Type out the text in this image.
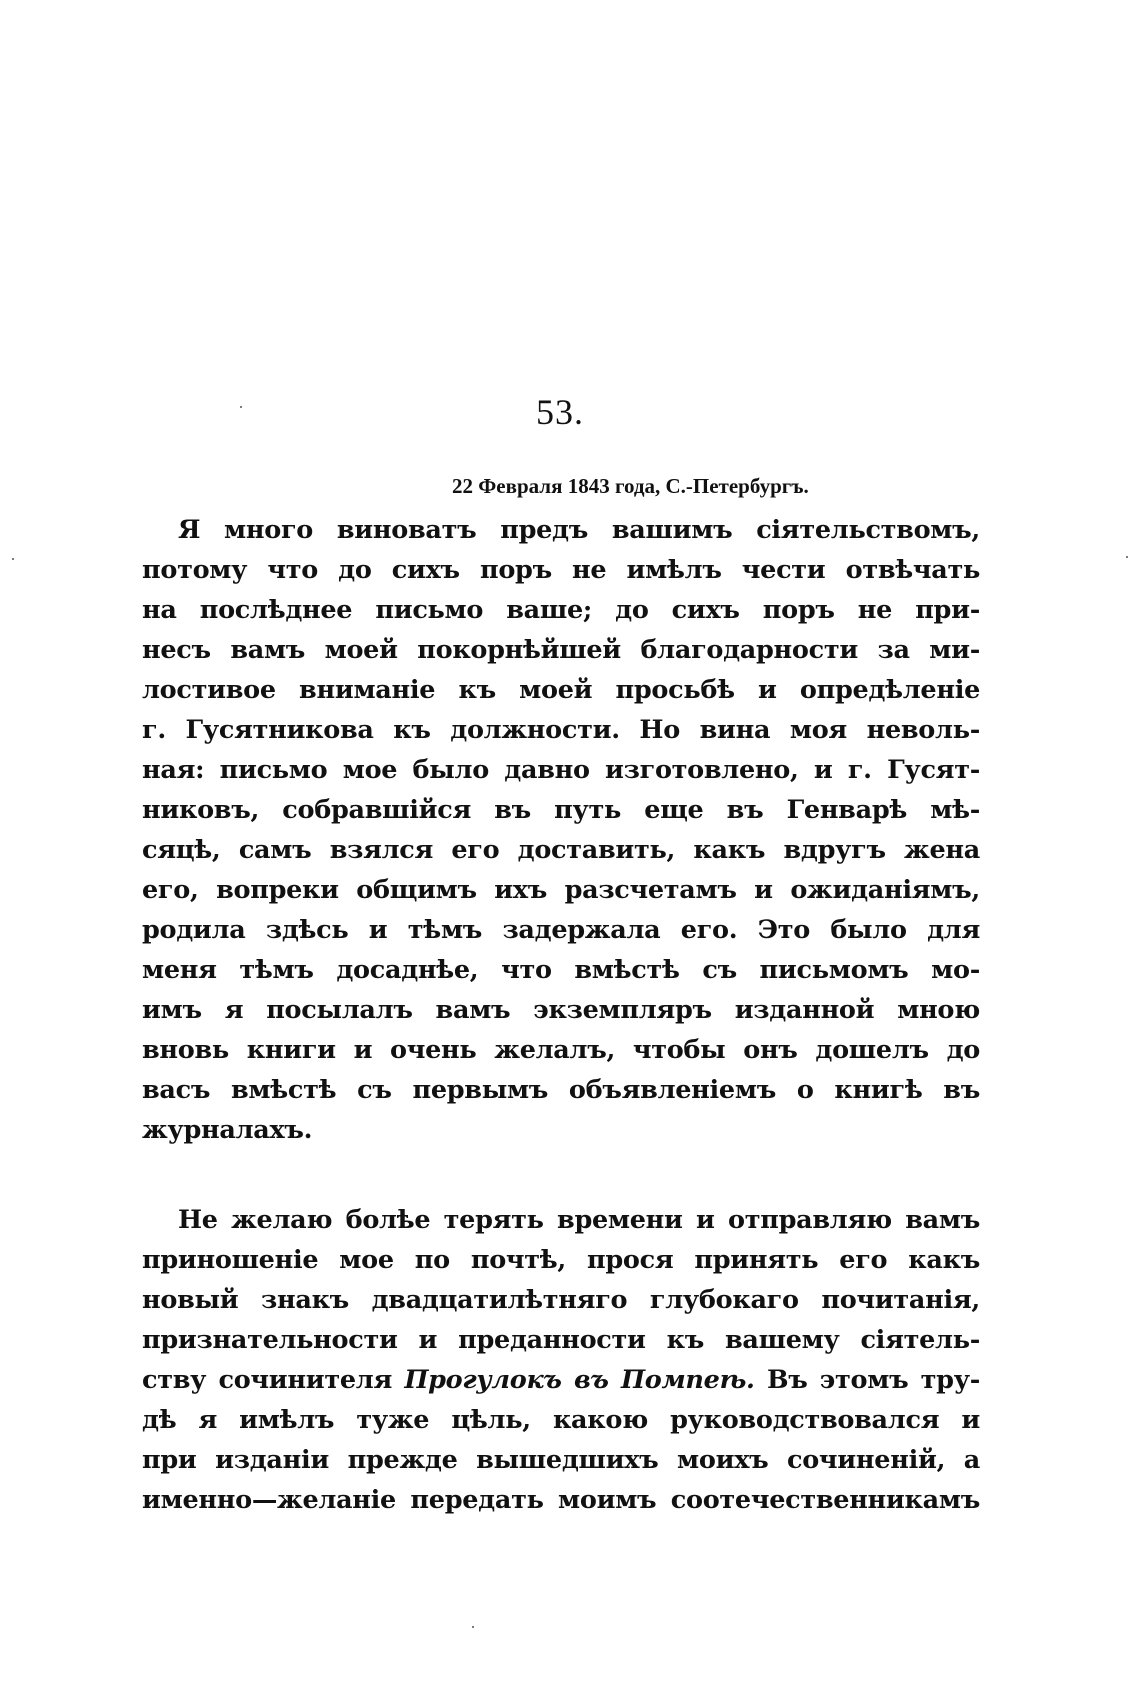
53.
22 Февраля 1843 года, С.-Петербургъ.
Я много виноватъ предъ вашимъ сiятельствомъ,
потому что до сихъ поръ не имѣлъ чести отвѣчать
на послѣднее письмо ваше; до сихъ поръ не при-
несъ вамъ моей покорнѣйшей благодарности за ми-
лостивое вниманiе къ моей просьбѣ и опредѣленiе
г. Гусятникова къ должности. Но вина моя неволь-
ная: письмо мое было давно изготовлено, и г. Гусят-
никовъ, собравшiйся въ путь еще въ Генварѣ мѣ-
сяцѣ, самъ взялся его доставить, какъ вдругъ жена
его, вопреки общимъ ихъ разсчетамъ и ожиданiямъ,
родила здѣсь и тѣмъ задержала его. Это было для
меня тѣмъ досаднѣе, что вмѣстѣ съ письмомъ мо-
имъ я посылалъ вамъ экземпляръ изданной мною
вновь книги и очень желалъ, чтобы онъ дошелъ до
васъ вмѣстѣ съ первымъ объявленiемъ о книгѣ въ
журналахъ.
Не желаю болѣе терять времени и отправляю вамъ
приношенiе мое по почтѣ, прося принять его какъ
новый знакъ двадцатилѣтняго глубокаго почитанiя,
признательности и преданности къ вашему сiятель-
ству сочинителя Прогулокъ въ Помпеѣ. Въ этомъ тру-
дѣ я имѣлъ туже цѣль, какою руководствовался и
при изданiи прежде вышедшихъ моихъ сочиненiй, а
именно—желанiе передать моимъ соотечественникамъ
